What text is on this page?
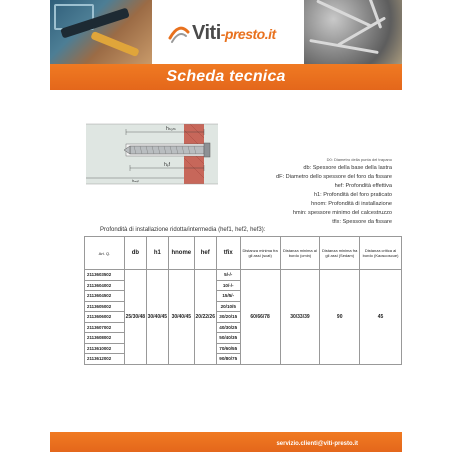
Viti-presto.it
Scheda tecnica
hₙₒₘ
hₑf
hₘᵢₙ
D0: Diametro della punta del trapano
db: Spessore della base della lastra
dF: Diametro dello spessore del foro da fissare
hef: Profondità effettiva
h1: Profondità del foro praticato
hnom: Profondità di installazione
hmin: spessore minimo del calcestruzzo
tfix: Spessore da fissare
Profondità di installazione ridotta/intermedia (hef1, hef2, hef3):
Art. Q.	db	h1	hnome	hef	tfix	Distanza minima fra gli assi (scat)	Distanza minima al bordo (cmin)	Distanza minima fra gli assi (Sedam)	Distanza critica al bordo (Kaoscoscue)
2113603502	25/30/48	30/40/45	30/40/45	20/22/26	5/-/-	60/66/78	30/33/39	90	45
2113604002					10/-/-				
2113604502					15/5/-				
2113605002					20/10/5				
2113606002					30/20/15				
2113607002					40/30/25				
2113608002					50/40/35				
2113610002					70/60/55				
2113612002					90/80/75				
servizio.clienti@viti-presto.it
